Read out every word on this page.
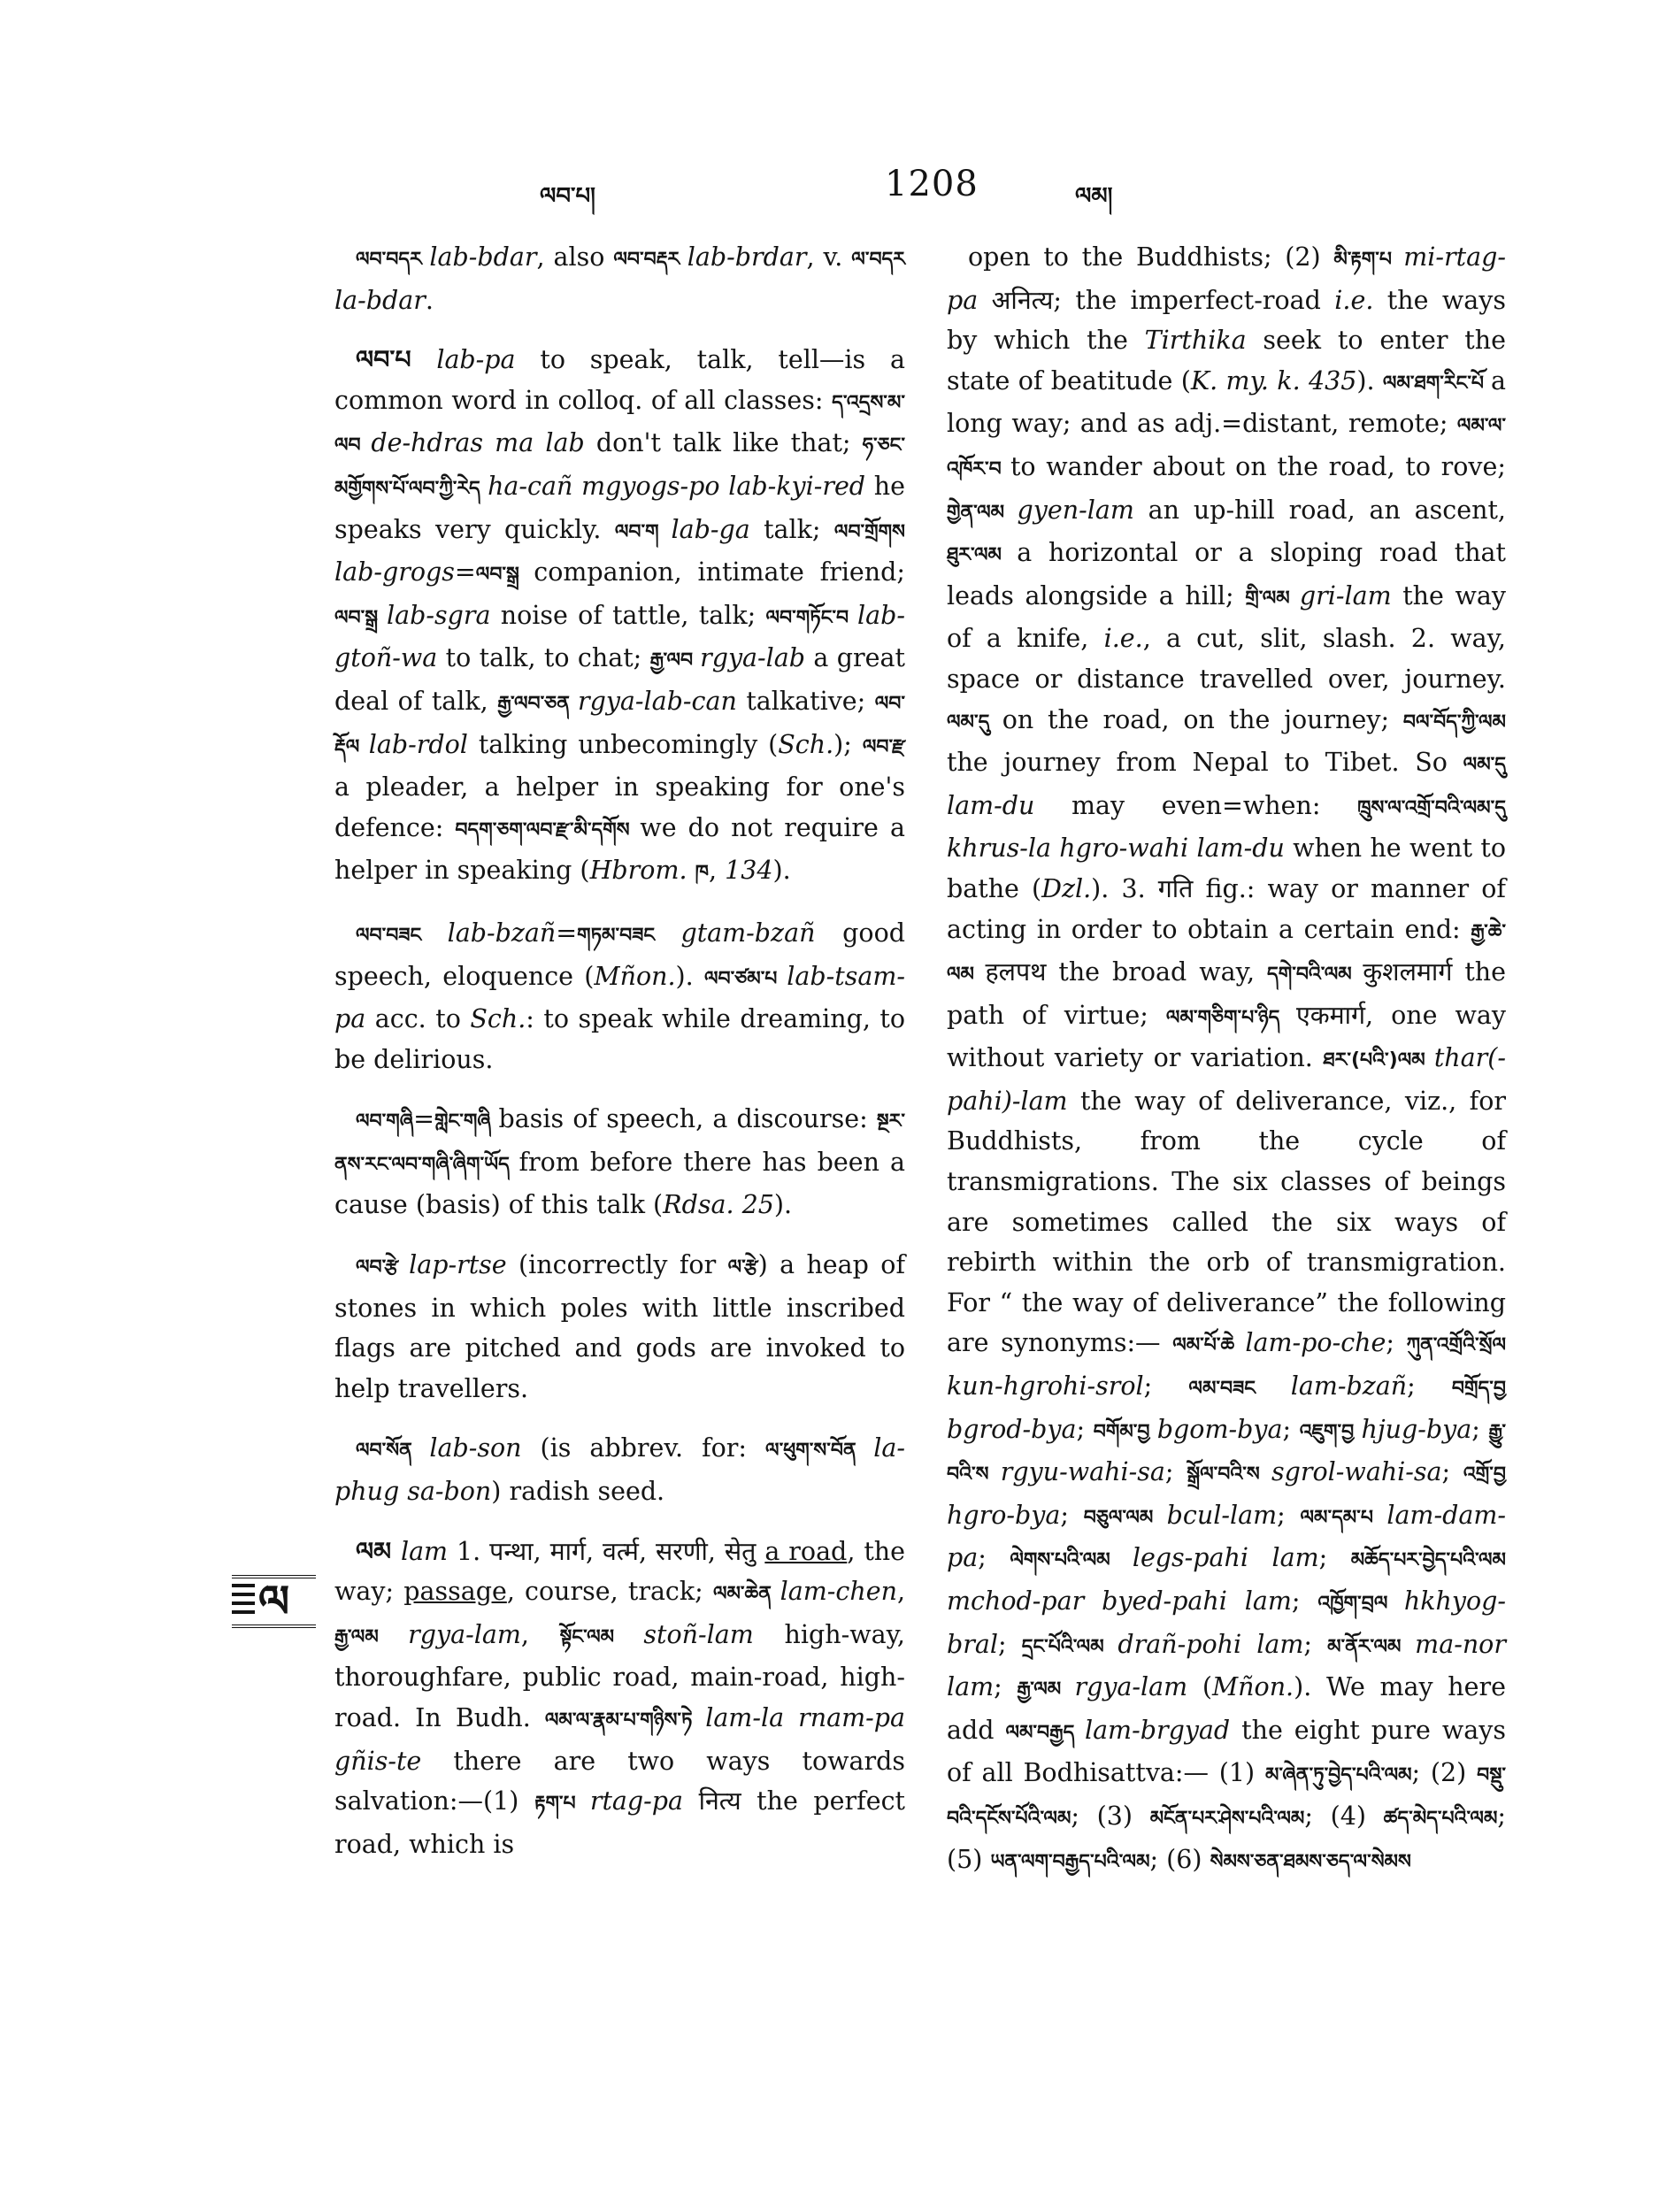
ལབ་པ།	1208	ལམ།
ལ

ལབ་བདར lab-bdar, also ལབ་བརྡར lab-brdar, v. ལ་བདར la-bdar.

ལབ་པ lab-pa to speak, talk, tell—is a common word in colloq. of all classes: ད་འདྲས་མ་ལབ de-hdras ma lab don't talk like that; ཧ་ཅང་མགྱོགས་པོ་ལབ་ཀྱི་རེད ha-cañ mgyogs-po lab-kyi-red he speaks very quickly. ལབ་ག lab-ga talk; ལབ་གྲོགས lab-grogs=ལབ་སྒྲ companion, intimate friend; ལབ་སྒྲ lab-sgra noise of tattle, talk; ལབ་གཏོང་བ lab-gtoñ-wa to talk, to chat; རྒྱ་ལབ rgya-lab a great deal of talk, རྒྱ་ལབ་ཅན rgya-lab-can talkative; ལབ་རྡོལ lab-rdol talking unbecomingly (Sch.); ལབ་རྫ a pleader, a helper in speaking for one's defence: བདག་ཅག་ལབ་རྫ་མི་དགོས we do not require a helper in speaking (Hbrom. ཁ, 134).

ལབ་བཟང lab-bzañ=གཏམ་བཟང gtam-bzañ good speech, eloquence (Mñon.). ལབ་ཙམ་པ lab-tsam-pa acc. to Sch.: to speak while dreaming, to be delirious.

ལབ་གཞི=གླེང་གཞི basis of speech, a discourse: སྔར་ནས་རང་ལབ་གཞི་ཞིག་ཡོད from before there has been a cause (basis) of this talk (Rdsa. 25).

ལབ་རྩེ lap-rtse (incorrectly for ལ་རྩེ) a heap of stones in which poles with little inscribed flags are pitched and gods are invoked to help travellers.

ལབ་སོན lab-son (is abbrev. for: ལ་ཕུག་ས་བོན la-phug sa-bon) radish seed.

ལམ lam 1. पन्था, मार्ग, वर्त्म, सरणी, सेतु a road, the way; passage, course, track; ལམ་ཆེན lam-chen, རྒྱ་ལམ rgya-lam, སྟོང་ལམ stoñ-lam high-way, thoroughfare, public road, main-road, high-road. In Budh. ལམ་ལ་རྣམ་པ་གཉིས་ཏེ lam-la rnam-pa gñis-te there are two ways towards salvation:—(1) རྟག་པ rtag-pa नित्य the perfect road, which is

open to the Buddhists; (2) མི་རྟག་པ mi-rtag-pa अनित्य; the imperfect-road i.e. the ways by which the Tirthika seek to enter the state of beatitude (K. my. k. 435). ལམ་ཐག་རིང་པོ a long way; and as adj.=distant, remote; ལམ་ལ་འཁོར་བ to wander about on the road, to rove; གྱེན་ལམ gyen-lam an up-hill road, an ascent, ཐུར་ལམ a horizontal or a sloping road that leads alongside a hill; གྲི་ལམ gri-lam the way of a knife, i.e., a cut, slit, slash. 2. way, space or distance travelled over, journey. ལམ་དུ on the road, on the journey; བལ་བོད་ཀྱི་ལམ the journey from Nepal to Tibet. So ལམ་དུ lam-du may even=when: ཁྲུས་ལ་འགྲོ་བའི་ལམ་དུ khrus-la hgro-wahi lam-du when he went to bathe (Dzl.). 3. गति fig.: way or manner of acting in order to obtain a certain end: རྒྱ་ཆེ་ལམ हलपथ the broad way, དགེ་བའི་ལམ कुशलमार्ग the path of virtue; ལམ་གཅིག་པ་ཉིད एकमार्ग, one way without variety or variation. ཐར་(པའི་)ལམ thar(-pahi)-lam the way of deliverance, viz., for Buddhists, from the cycle of transmigrations. The six classes of beings are sometimes called the six ways of rebirth within the orb of transmigration. For “ the way of deliverance” the following are synonyms:— ལམ་པོ་ཆེ lam-po-che; ཀུན་འགྲོའི་སྲོལ kun-hgrohi-srol; ལམ་བཟང lam-bzañ; བགྲོད་བྱ bgrod-bya; བགོམ་བྱ bgom-bya; འཇུག་བྱ hjug-bya; རྒྱུ་བའི་ས rgyu-wahi-sa; སྒྲོལ་བའི་ས sgrol-wahi-sa; འགྲོ་བྱ hgro-bya; བཅུལ་ལམ bcul-lam; ལམ་དམ་པ lam-dam-pa; ལེགས་པའི་ལམ legs-pahi lam; མཆོད་པར་བྱེད་པའི་ལམ mchod-par byed-pahi lam; འཁྱོག་བྲལ hkhyog-bral; དྲང་པོའི་ལམ drañ-pohi lam; མ་ནོར་ལམ ma-nor lam; རྒྱ་ལམ rgya-lam (Mñon.). We may here add ལམ་བརྒྱད lam-brgyad the eight pure ways of all Bodhisattva:— (1) མ་ཞེན་ཏུ་བྱེད་པའི་ལམ; (2) བསྡུ་བའི་དངོས་པོའི་ལམ; (3) མངོན་པར་ཤེས་པའི་ལམ; (4) ཚད་མེད་པའི་ལམ; (5) ཡན་ལག་བརྒྱད་པའི་ལམ; (6) སེམས་ཅན་ཐམས་ཅད་ལ་སེམས
